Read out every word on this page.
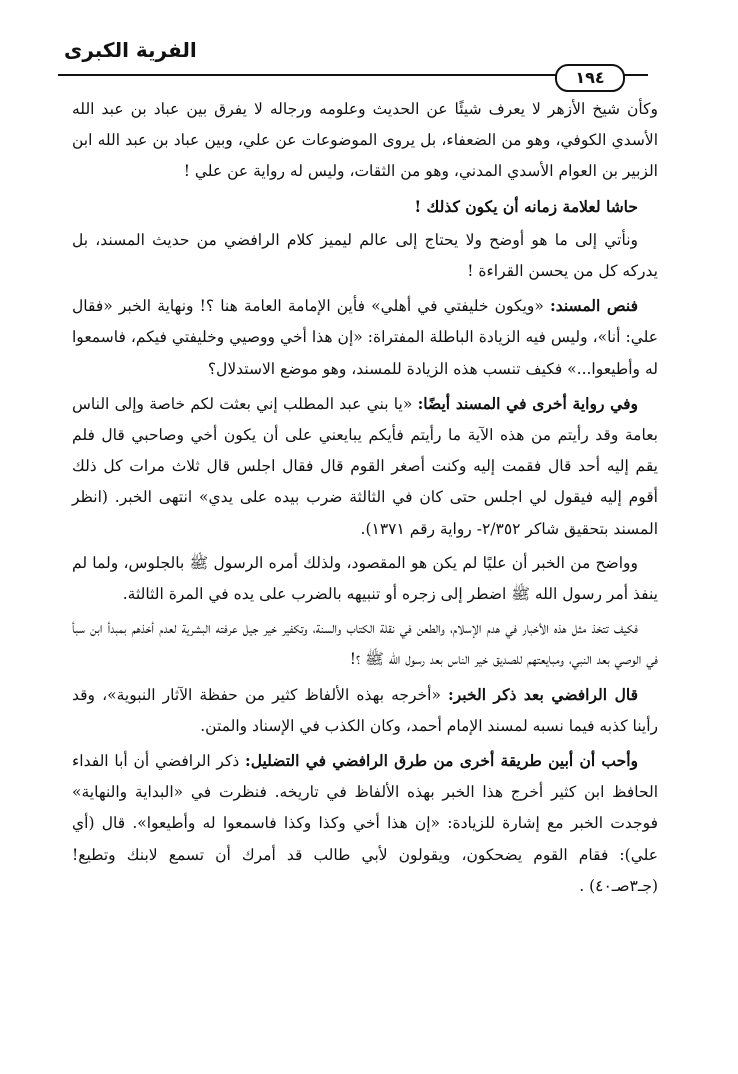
الفرية الكبرى
١٩٤

وكأن شيخ الأزهر لا يعرف شيئًا عن الحديث وعلومه ورجاله لا يفرق بين عباد بن عبد الله الأسدي الكوفي، وهو من الضعفاء، بل يروى الموضوعات عن علي، وبين عباد بن عبد الله ابن الزبير بن العوام الأسدي المدني، وهو من الثقات، وليس له رواية عن علي !

حاشا لعلامة زمانه أن يكون كذلك !

ونأتي إلى ما هو أوضح ولا يحتاج إلى عالم ليميز كلام الرافضي من حديث المسند، بل يدركه كل من يحسن القراءة !

فنص المسند: «ويكون خليفتي في أهلي» فأين الإمامة العامة هنا ؟! ونهاية الخبر «فقال علي: أنا»، وليس فيه الزيادة الباطلة المفتراة: «إن هذا أخي ووصيي وخليفتي فيكم، فاسمعوا له وأطيعوا...» فكيف تنسب هذه الزيادة للمسند، وهو موضع الاستدلال؟

وفي رواية أخرى في المسند أيضًا: «يا بني عبد المطلب إني بعثت لكم خاصة وإلى الناس بعامة وقد رأيتم من هذه الآية ما رأيتم فأيكم يبايعني على أن يكون أخي وصاحبي قال فلم يقم إليه أحد قال فقمت إليه وكنت أصغر القوم قال فقال اجلس قال ثلاث مرات كل ذلك أقوم إليه فيقول لي اجلس حتى كان في الثالثة ضرب بيده على يدي» انتهى الخبر. (انظر المسند بتحقيق شاكر ٢/٣٥٢- رواية رقم ١٣٧١).

وواضح من الخبر أن عليًا لم يكن هو المقصود، ولذلك أمره الرسول ﷺ بالجلوس، ولما لم ينفذ أمر رسول الله ﷺ اضطر إلى زجره أو تنبيهه بالضرب على يده في المرة الثالثة.

فكيف تتخذ مثل هذه الأخبار في هدم الإسلام، والطعن في نقلة الكتاب والسنة، وتكفير خير جيل عرفته البشرية لعدم أخذهم بمبدأ ابن سبأ في الوصي بعد النبي، ومبايعتهم للصديق خير الناس بعد رسول الله ﷺ ؟!

قال الرافضي بعد ذكر الخبر: «أخرجه بهذه الألفاظ كثير من حفظة الآثار النبوية»، وقد رأينا كذبه فيما نسبه لمسند الإمام أحمد، وكان الكذب في الإسناد والمتن.

وأحب أن أبين طريقة أخرى من طرق الرافضي في التضليل: ذكر الرافضي أن أبا الفداء الحافظ ابن كثير أخرج هذا الخبر بهذه الألفاظ في تاريخه. فنظرت في «البداية والنهاية» فوجدت الخبر مع إشارة للزيادة: «إن هذا أخي وكذا وكذا فاسمعوا له وأطيعوا». قال (أي علي): فقام القوم يضحكون، ويقولون لأبي طالب قد أمرك أن تسمع لابنك وتطيع! (جـ٣صـ٤٠) .
